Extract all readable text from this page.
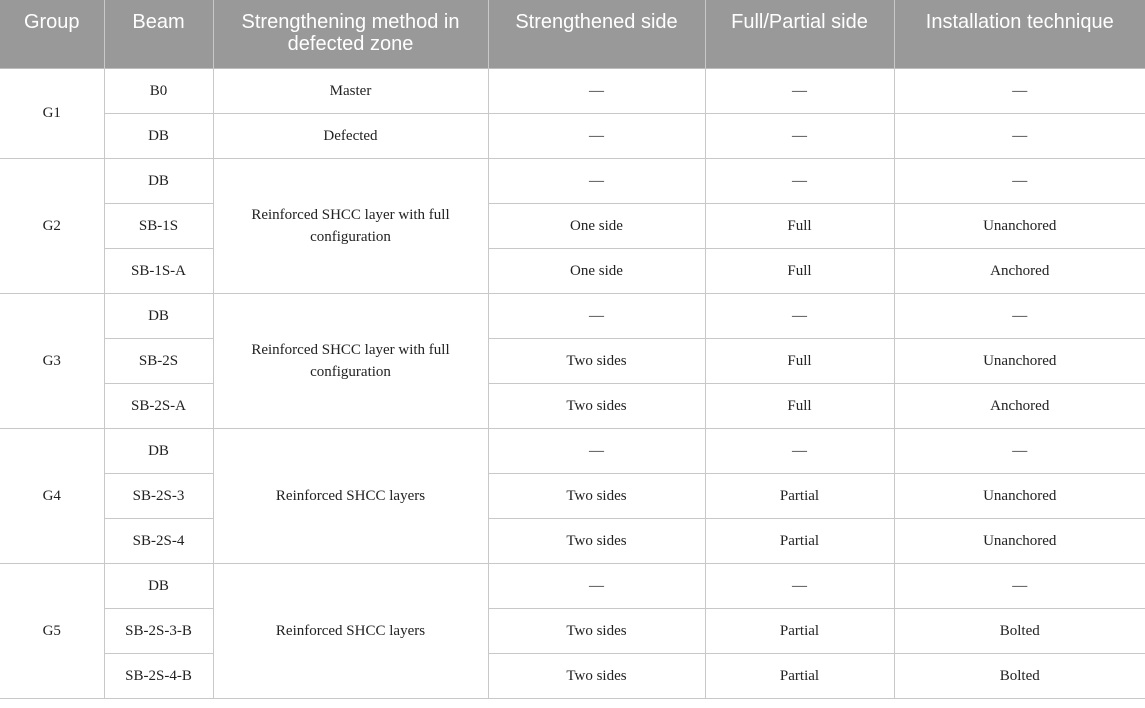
Group	Beam	Strengthening method in defected zone	Strengthened side	Full/Partial side	Installation technique

G1	B0	Master	—	—	—
	DB	Defected	—	—	—
G2	DB	Reinforced SHCC layer with full configuration	—	—	—
	SB-1S		One side	Full	Unanchored
	SB-1S-A		One side	Full	Anchored
G3	DB	Reinforced SHCC layer with full configuration	—	—	—
	SB-2S		Two sides	Full	Unanchored
	SB-2S-A		Two sides	Full	Anchored
G4	DB	Reinforced SHCC layers	—	—	—
	SB-2S-3		Two sides	Partial	Unanchored
	SB-2S-4		Two sides	Partial	Unanchored
G5	DB	Reinforced SHCC layers	—	—	—
	SB-2S-3-B		Two sides	Partial	Bolted
	SB-2S-4-B		Two sides	Partial	Bolted
